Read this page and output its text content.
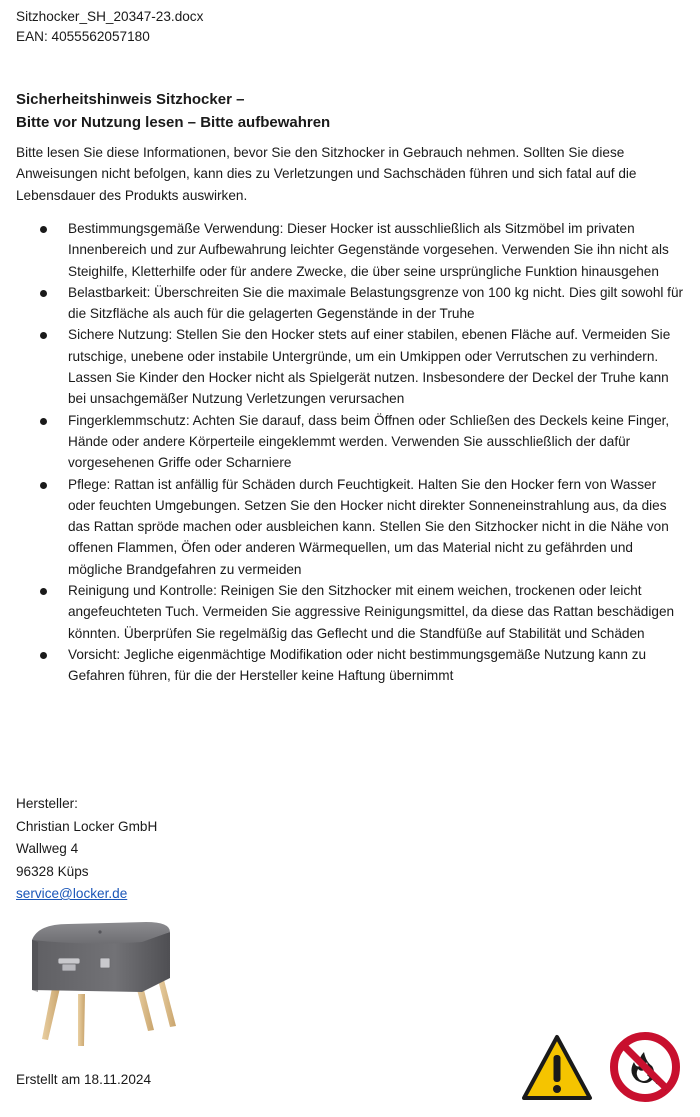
Sitzhocker_SH_20347-23.docx
EAN: 4055562057180
Sicherheitshinweis Sitzhocker –
Bitte vor Nutzung lesen – Bitte aufbewahren

Bitte lesen Sie diese Informationen, bevor Sie den Sitzhocker in Gebrauch nehmen. Sollten Sie diese Anweisungen nicht befolgen, kann dies zu Verletzungen und Sachschäden führen und sich fatal auf die Lebensdauer des Produkts auswirken.

Bestimmungsgemäße Verwendung: Dieser Hocker ist ausschließlich als Sitzmöbel im privaten Innenbereich und zur Aufbewahrung leichter Gegenstände vorgesehen. Verwenden Sie ihn nicht als Steighilfe, Kletterhilfe oder für andere Zwecke, die über seine ursprüngliche Funktion hinausgehen
Belastbarkeit: Überschreiten Sie die maximale Belastungsgrenze von 100 kg nicht. Dies gilt sowohl für die Sitzfläche als auch für die gelagerten Gegenstände in der Truhe
Sichere Nutzung: Stellen Sie den Hocker stets auf einer stabilen, ebenen Fläche auf. Vermeiden Sie rutschige, unebene oder instabile Untergründe, um ein Umkippen oder Verrutschen zu verhindern. Lassen Sie Kinder den Hocker nicht als Spielgerät nutzen. Insbesondere der Deckel der Truhe kann bei unsachgemäßer Nutzung Verletzungen verursachen
Fingerklemmschutz: Achten Sie darauf, dass beim Öffnen oder Schließen des Deckels keine Finger, Hände oder andere Körperteile eingeklemmt werden. Verwenden Sie ausschließlich der dafür vorgesehenen Griffe oder Scharniere
Pflege: Rattan ist anfällig für Schäden durch Feuchtigkeit. Halten Sie den Hocker fern von Wasser oder feuchten Umgebungen. Setzen Sie den Hocker nicht direkter Sonneneinstrahlung aus, da dies das Rattan spröde machen oder ausbleichen kann. Stellen Sie den Sitzhocker nicht in die Nähe von offenen Flammen, Öfen oder anderen Wärmequellen, um das Material nicht zu gefährden und mögliche Brandgefahren zu vermeiden
Reinigung und Kontrolle: Reinigen Sie den Sitzhocker mit einem weichen, trockenen oder leicht angefeuchteten Tuch. Vermeiden Sie aggressive Reinigungsmittel, da diese das Rattan beschädigen könnten. Überprüfen Sie regelmäßig das Geflecht und die Standfüße auf Stabilität und Schäden
Vorsicht: Jegliche eigenmächtige Modifikation oder nicht bestimmungsgemäße Nutzung kann zu Gefahren führen, für die der Hersteller keine Haftung übernimmt
Hersteller:
Christian Locker GmbH
Wallweg 4
96328 Küps
service@locker.de
Erstellt am 18.11.2024
